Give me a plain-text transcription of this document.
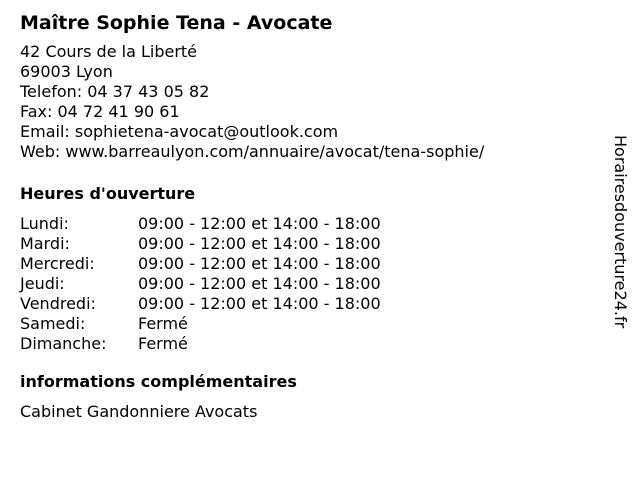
Maître Sophie Tena - Avocate
42 Cours de la Liberté
69003 Lyon
Telefon: 04 37 43 05 82
Fax: 04 72 41 90 61
Email: sophietena-avocat@outlook.com
Web: www.barreaulyon.com/annuaire/avocat/tena-sophie/
Heures d'ouverture
Lundi:	09:00 - 12:00 et 14:00 - 18:00
Mardi:	09:00 - 12:00 et 14:00 - 18:00
Mercredi:	09:00 - 12:00 et 14:00 - 18:00
Jeudi:	09:00 - 12:00 et 14:00 - 18:00
Vendredi:	09:00 - 12:00 et 14:00 - 18:00
Samedi:	Fermé
Dimanche:	Fermé
informations complémentaires
Cabinet Gandonniere Avocats
Horairesdouverture24.fr
